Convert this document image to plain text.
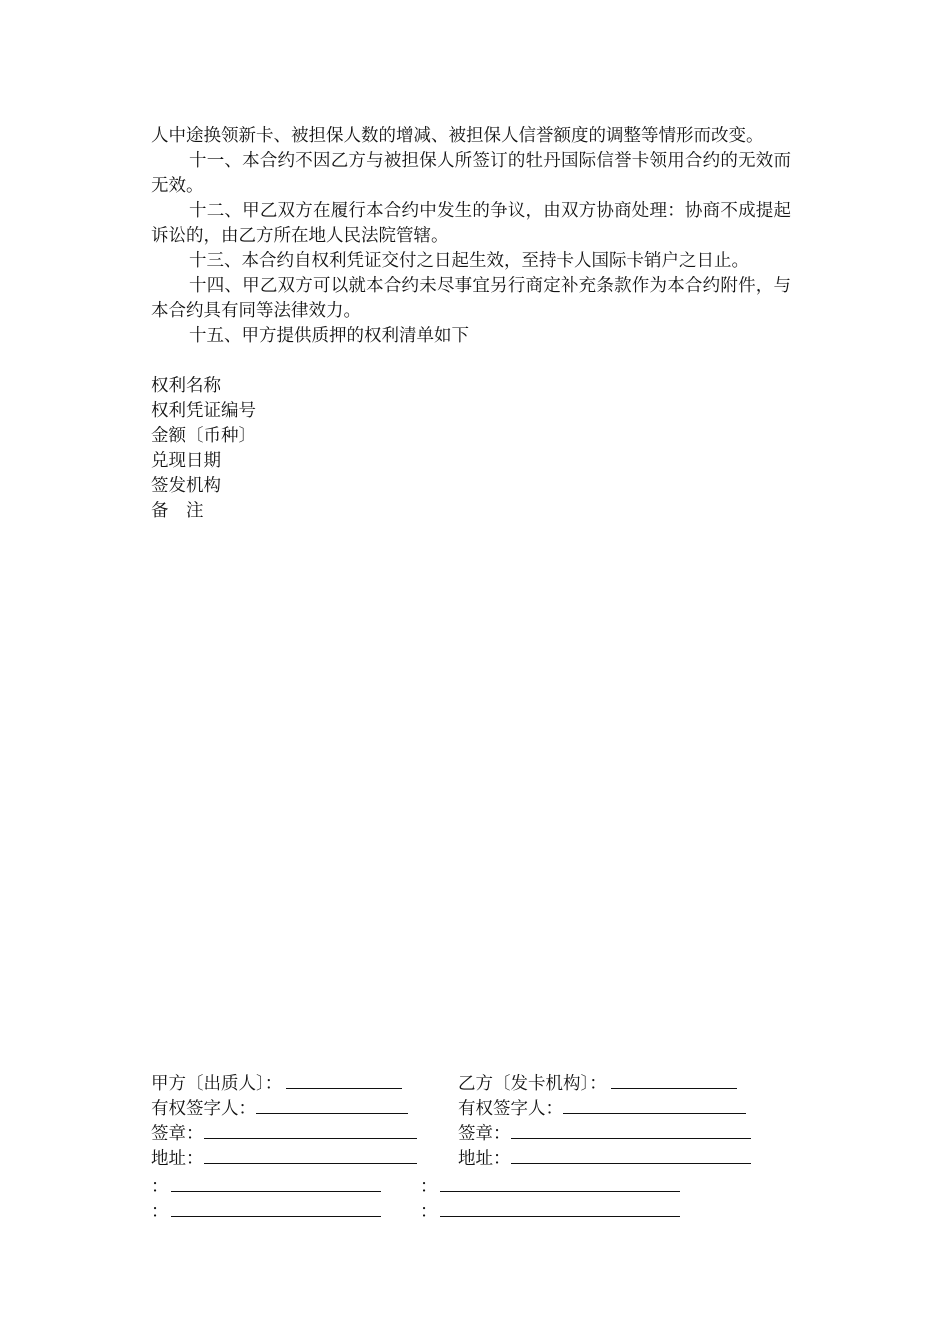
人中途换领新卡、被担保人数的增减、被担保人信誉额度的调整等情形而改变。

十一、本合约不因乙方与被担保人所签订的牡丹国际信誉卡领用合约的无效而无效。

十二、甲乙双方在履行本合约中发生的争议，由双方协商处理：协商不成提起诉讼的，由乙方所在地人民法院管辖。

十三、本合约自权利凭证交付之日起生效，至持卡人国际卡销户之日止。

十四、甲乙双方可以就本合约未尽事宜另行商定补充条款作为本合约附件，与本合约具有同等法律效力。

十五、甲方提供质押的权利清单如下

权利名称
权利凭证编号
金额〔币种〕
兑现日期
签发机构
备　注
甲方〔出质人〕：
有权签字人：
签章：
地址：
乙方〔发卡机构〕：
有权签字人：
签章：
地址：
：
：
：
：
